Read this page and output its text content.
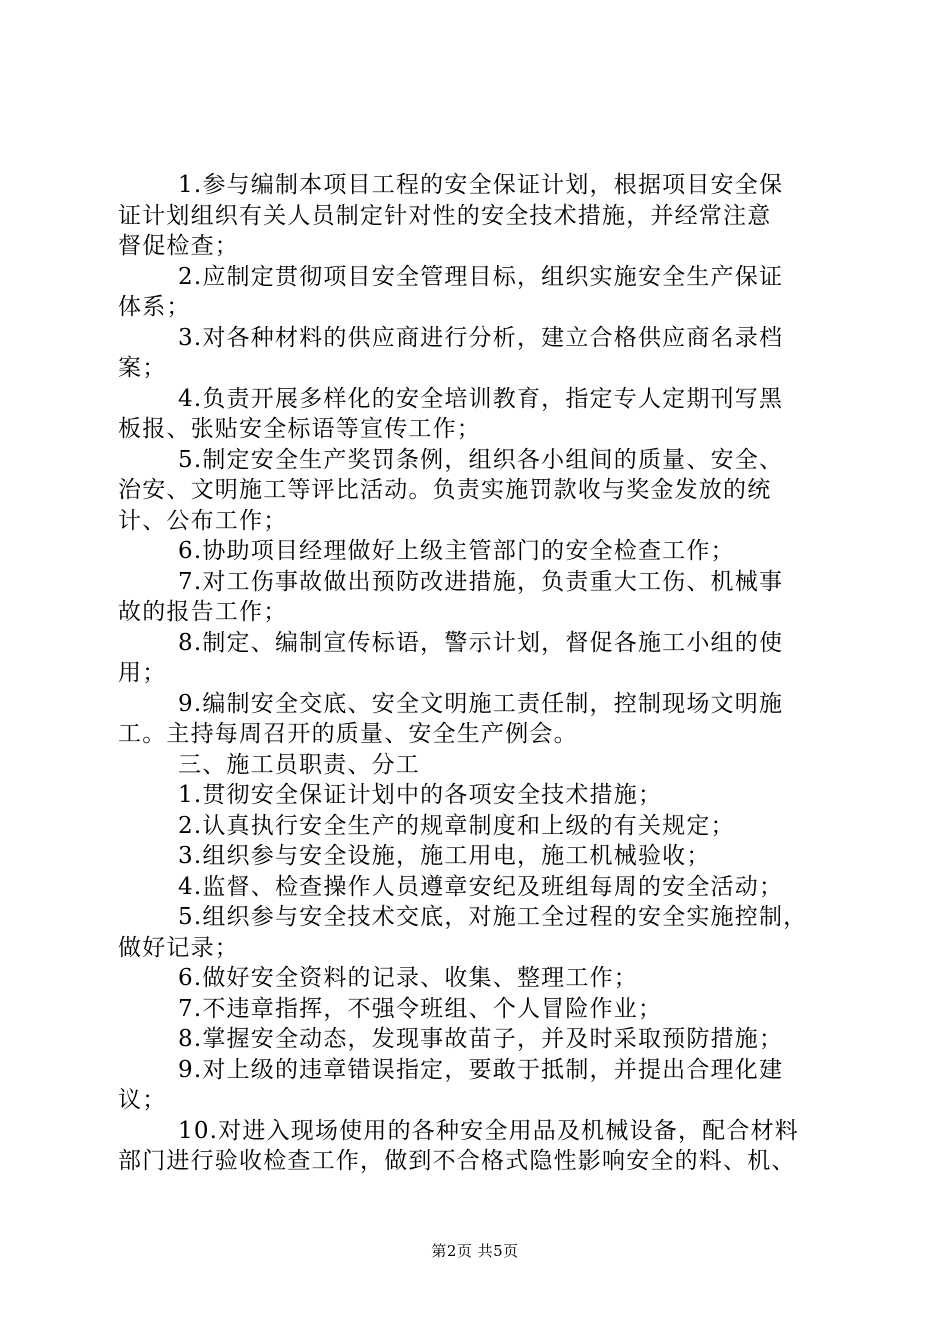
1.参与编制本项目工程的安全保证计划，根据项目安全保
证计划组织有关人员制定针对性的安全技术措施，并经常注意
督促检查；
2.应制定贯彻项目安全管理目标，组织实施安全生产保证
体系；
3.对各种材料的供应商进行分析，建立合格供应商名录档
案；
4.负责开展多样化的安全培训教育，指定专人定期刊写黑
板报、张贴安全标语等宣传工作；
5.制定安全生产奖罚条例，组织各小组间的质量、安全、
治安、文明施工等评比活动。负责实施罚款收与奖金发放的统
计、公布工作；
6.协助项目经理做好上级主管部门的安全检查工作；
7.对工伤事故做出预防改进措施，负责重大工伤、机械事
故的报告工作；
8.制定、编制宣传标语，警示计划，督促各施工小组的使
用；
9.编制安全交底、安全文明施工责任制，控制现场文明施
工。主持每周召开的质量、安全生产例会。
三、施工员职责、分工
1.贯彻安全保证计划中的各项安全技术措施；
2.认真执行安全生产的规章制度和上级的有关规定；
3.组织参与安全设施，施工用电，施工机械验收；
4.监督、检查操作人员遵章安纪及班组每周的安全活动；
5.组织参与安全技术交底，对施工全过程的安全实施控制，
做好记录；
6.做好安全资料的记录、收集、整理工作；
7.不违章指挥，不强令班组、个人冒险作业；
8.掌握安全动态，发现事故苗子，并及时采取预防措施；
9.对上级的违章错误指定，要敢于抵制，并提出合理化建
议；
10.对进入现场使用的各种安全用品及机械设备，配合材料
部门进行验收检查工作，做到不合格式隐性影响安全的料、机、
第2页 共5页
